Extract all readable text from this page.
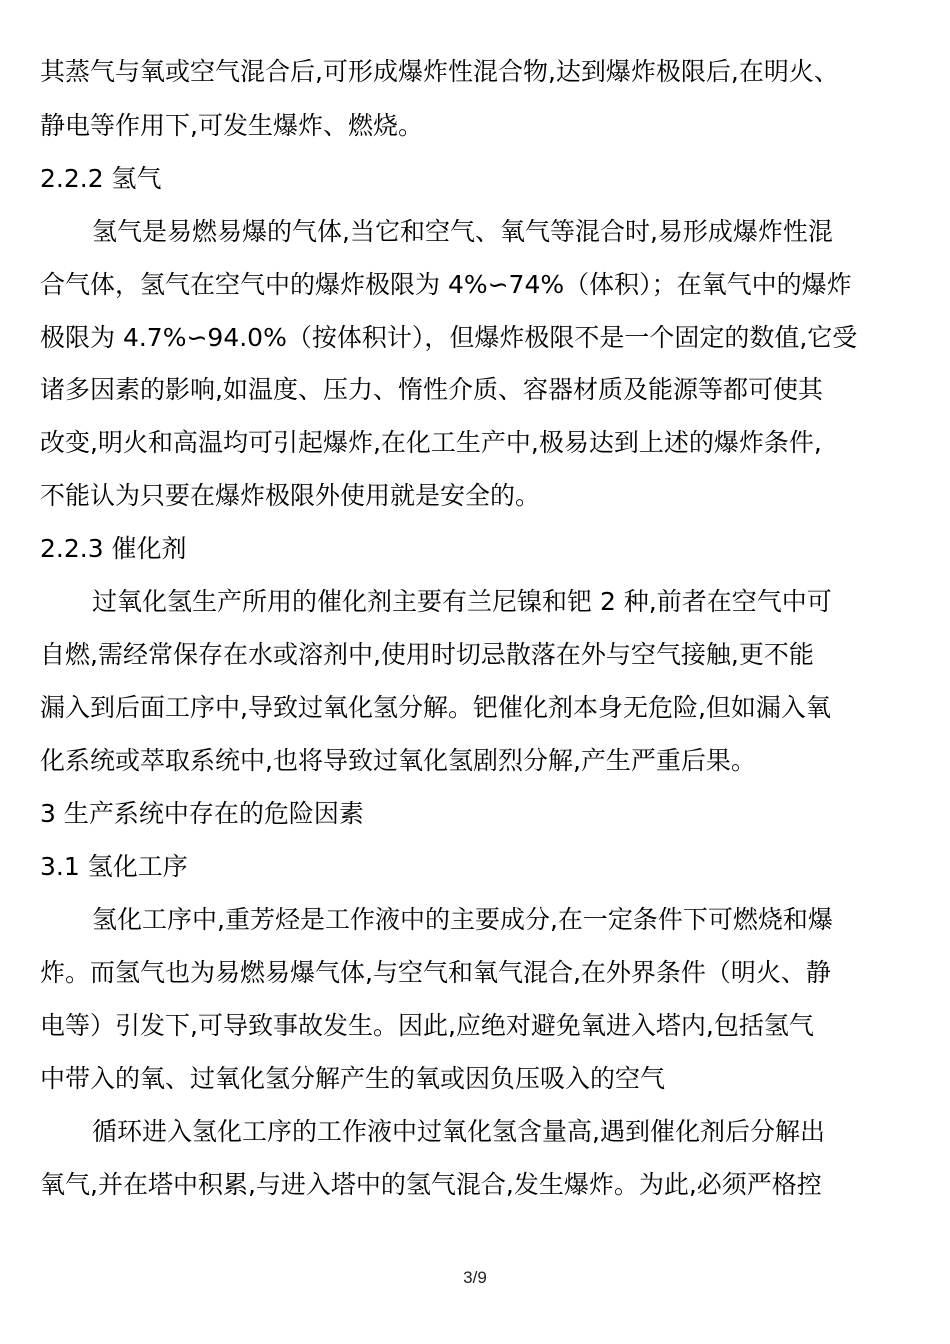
其蒸气与氧或空气混合后,可形成爆炸性混合物,达到爆炸极限后,在明火、
静电等作用下,可发生爆炸、燃烧。
2.2.2 氢气
氢气是易燃易爆的气体,当它和空气、氧气等混合时,易形成爆炸性混
合气体，氢气在空气中的爆炸极限为 4%∽74%（体积）；在氧气中的爆炸
极限为 4.7%∽94.0%（按体积计），但爆炸极限不是一个固定的数值,它受
诸多因素的影响,如温度、压力、惰性介质、容器材质及能源等都可使其
改变,明火和高温均可引起爆炸,在化工生产中,极易达到上述的爆炸条件,
不能认为只要在爆炸极限外使用就是安全的。
2.2.3 催化剂
过氧化氢生产所用的催化剂主要有兰尼镍和钯 2 种,前者在空气中可
自燃,需经常保存在水或溶剂中,使用时切忌散落在外与空气接触,更不能
漏入到后面工序中,导致过氧化氢分解。钯催化剂本身无危险,但如漏入氧
化系统或萃取系统中,也将导致过氧化氢剧烈分解,产生严重后果。
3 生产系统中存在的危险因素
3.1 氢化工序
氢化工序中,重芳烃是工作液中的主要成分,在一定条件下可燃烧和爆
炸。而氢气也为易燃易爆气体,与空气和氧气混合,在外界条件（明火、静
电等）引发下,可导致事故发生。因此,应绝对避免氧进入塔内,包括氢气
中带入的氧、过氧化氢分解产生的氧或因负压吸入的空气
循环进入氢化工序的工作液中过氧化氢含量高,遇到催化剂后分解出
氧气,并在塔中积累,与进入塔中的氢气混合,发生爆炸。为此,必须严格控
3/9
